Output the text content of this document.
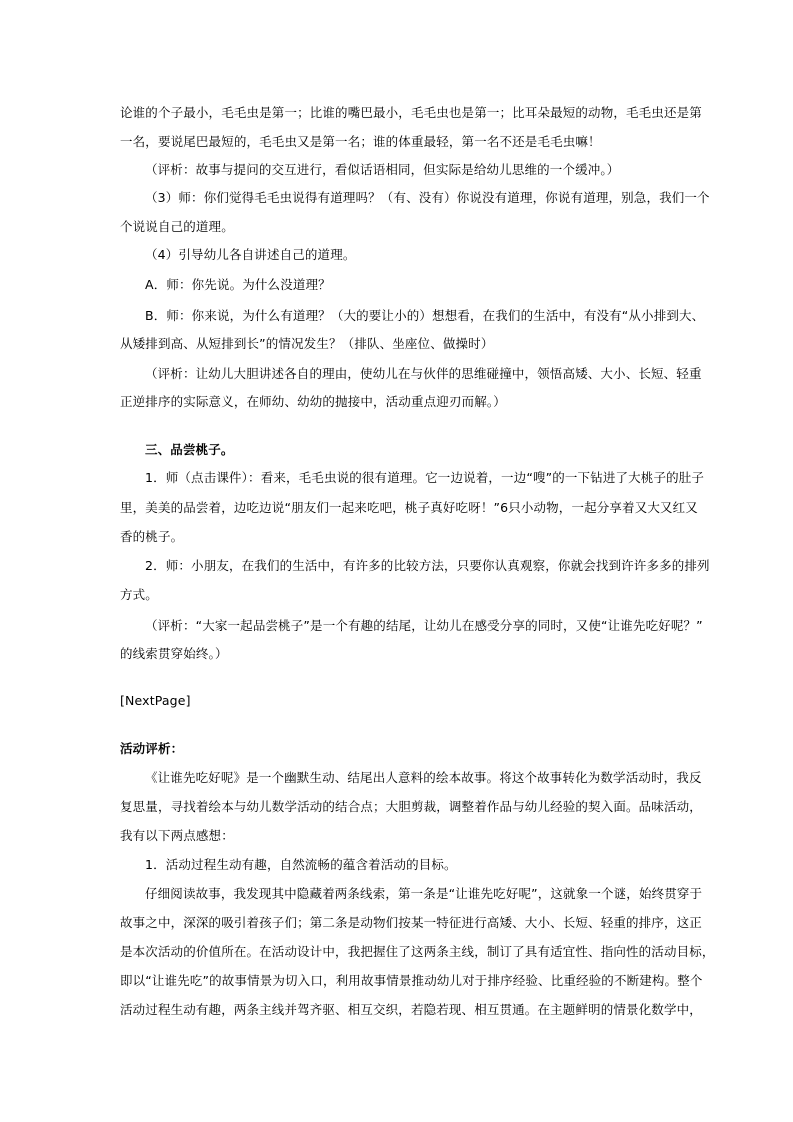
论谁的个子最小，毛毛虫是第一；比谁的嘴巴最小，毛毛虫也是第一；比耳朵最短的动物，毛毛虫还是第
一名，要说尾巴最短的，毛毛虫又是第一名；谁的体重最轻，第一名不还是毛毛虫嘛！
（评析：故事与提问的交互进行，看似话语相同，但实际是给幼儿思维的一个缓冲。）
（3）师：你们觉得毛毛虫说得有道理吗？（有、没有）你说没有道理，你说有道理，别急，我们一个
个说说自己的道理。
（4）引导幼儿各自讲述自己的道理。
A．师：你先说。为什么没道理？
B．师：你来说，为什么有道理？（大的要让小的）想想看，在我们的生活中，有没有“从小排到大、
从矮排到高、从短排到长”的情况发生？（排队、坐座位、做操时）
（评析：让幼儿大胆讲述各自的理由，使幼儿在与伙伴的思维碰撞中，领悟高矮、大小、长短、轻重
正逆排序的实际意义，在师幼、幼幼的抛接中，活动重点迎刃而解。）
三、品尝桃子。
1．师（点击课件）：看来，毛毛虫说的很有道理。它一边说着，一边“嗖”的一下钻进了大桃子的肚子
里，美美的品尝着，边吃边说“朋友们一起来吃吧，桃子真好吃呀！”6只小动物，一起分享着又大又红又
香的桃子。
2．师：小朋友，在我们的生活中，有许多的比较方法，只要你认真观察，你就会找到许许多多的排列
方式。
（评析：“大家一起品尝桃子”是一个有趣的结尾，让幼儿在感受分享的同时，又使“让谁先吃好呢？”
的线索贯穿始终。）
[NextPage]
活动评析：
《让谁先吃好呢》是一个幽默生动、结尾出人意料的绘本故事。将这个故事转化为数学活动时，我反
复思量，寻找着绘本与幼儿数学活动的结合点；大胆剪裁，调整着作品与幼儿经验的契入面。品味活动，
我有以下两点感想：
1．活动过程生动有趣，自然流畅的蕴含着活动的目标。
仔细阅读故事，我发现其中隐藏着两条线索，第一条是“让谁先吃好呢”，这就象一个谜，始终贯穿于
故事之中，深深的吸引着孩子们；第二条是动物们按某一特征进行高矮、大小、长短、轻重的排序，这正
是本次活动的价值所在。在活动设计中，我把握住了这两条主线，制订了具有适宜性、指向性的活动目标，
即以“让谁先吃”的故事情景为切入口，利用故事情景推动幼儿对于排序经验、比重经验的不断建构。整个
活动过程生动有趣，两条主线并驾齐驱、相互交织，若隐若现、相互贯通。在主题鲜明的情景化数学中，
